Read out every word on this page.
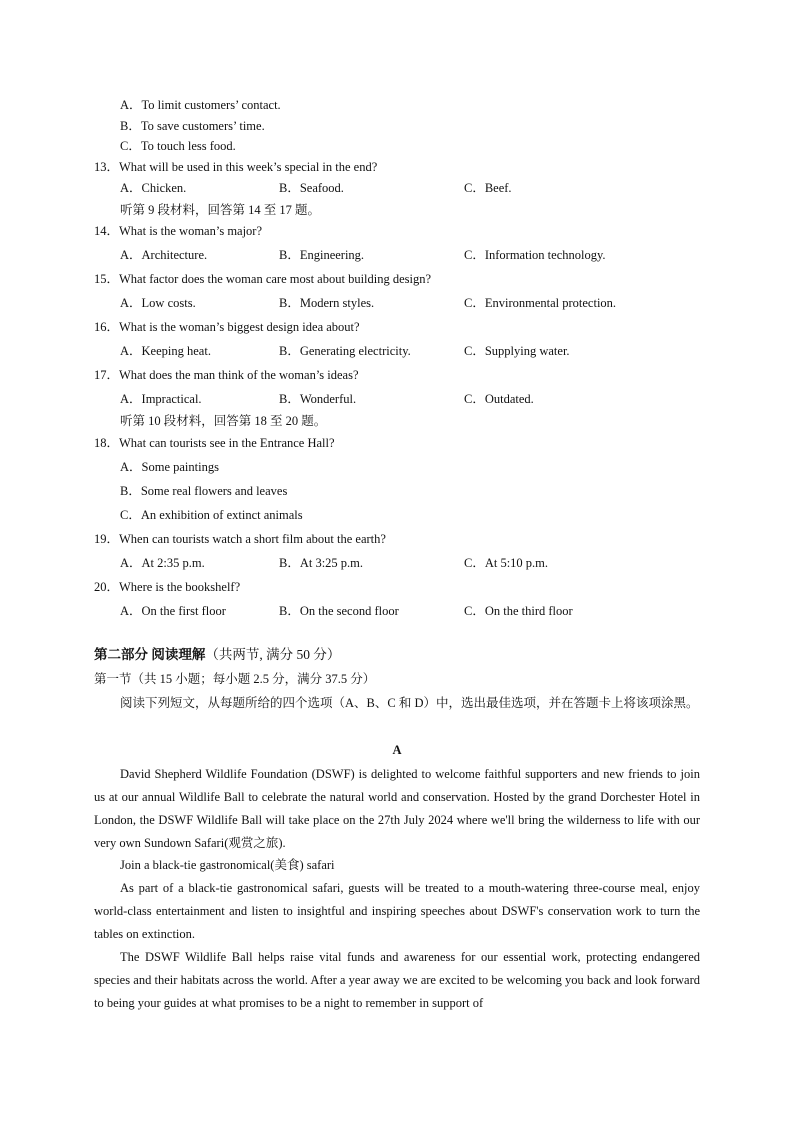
A．To limit customers’ contact.
B．To save customers’ time.
C．To touch less food.
13．What will be used in this week’s special in the end?
A．Chicken.	B．Seafood.	C．Beef.
听第 9 段材料，回答第 14 至 17 题。
14．What is the woman’s major?
A．Architecture.	B．Engineering.	C．Information technology.
15．What factor does the woman care most about building design?
A．Low costs.	B．Modern styles.	C．Environmental protection.
16．What is the woman’s biggest design idea about?
A．Keeping heat.	B．Generating electricity.	C．Supplying water.
17．What does the man think of the woman’s ideas?
A．Impractical.	B．Wonderful.	C．Outdated.
听第 10 段材料，回答第 18 至 20 题。
18．What can tourists see in the Entrance Hall?
A．Some paintings
B．Some real flowers and leaves
C．An exhibition of extinct animals
19．When can tourists watch a short film about the earth?
A．At 2:35 p.m.	B．At 3:25 p.m.	C．At 5:10 p.m.
20．Where is the bookshelf?
A．On the first floor	B．On the second floor	C．On the third floor
第二部分 阅读理解（共两节, 满分 50 分）
第一节（共 15 小题；每小题 2.5 分，满分 37.5 分）
阅读下列短文，从每题所给的四个选项（A、B、C 和 D）中，选出最佳选项，并在答题卡上将该项涂黑。
A
David Shepherd Wildlife Foundation (DSWF) is delighted to welcome faithful supporters and new friends to join us at our annual Wildlife Ball to celebrate the natural world and conservation. Hosted by the grand Dorchester Hotel in London, the DSWF Wildlife Ball will take place on the 27th July 2024 where we'll bring the wilderness to life with our very own Sundown Safari(观赏之旅).
Join a black-tie gastronomical(美食) safari
As part of a black-tie gastronomical safari, guests will be treated to a mouth-watering three-course meal, enjoy world-class entertainment and listen to insightful and inspiring speeches about DSWF's conservation work to turn the tables on extinction.
The DSWF Wildlife Ball helps raise vital funds and awareness for our essential work, protecting endangered species and their habitats across the world. After a year away we are excited to be welcoming you back and look forward to being your guides at what promises to be a night to remember in support of
